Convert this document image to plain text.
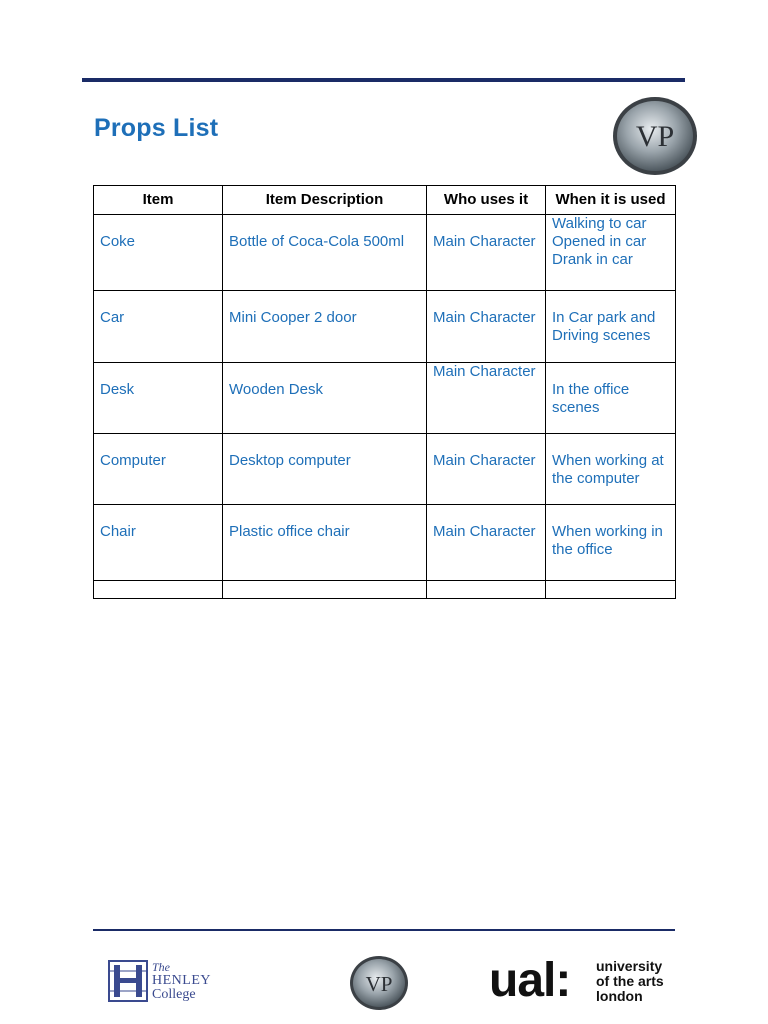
Props List	VP
Item	Item Description	Who uses it	When it is used

Coke	Bottle of Coca-Cola 500ml	Main Character	Walking to car Opened in car Drank in car

Car	Mini Cooper 2 door	Main Character	In Car park and Driving scenes

Desk	Wooden Desk	Main Character	In the office scenes

Computer	Desktop computer	Main Character	When working at the computer

Chair	Plastic office chair	Main Character	When working in the office

The
HENLEY
College	VP ual: university
of the arts
london
